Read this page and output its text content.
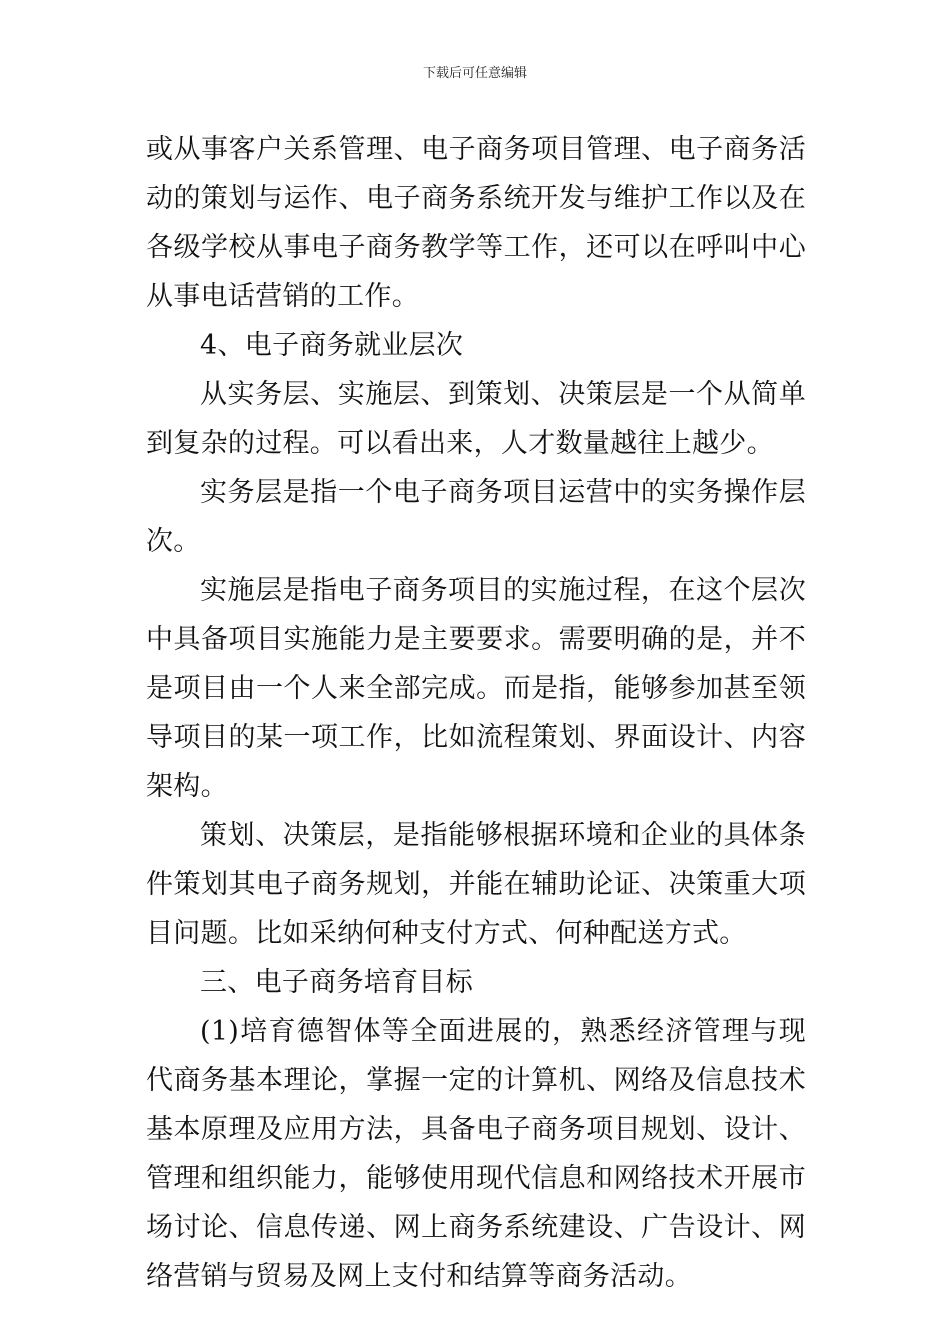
下载后可任意编辑

或从事客户关系管理、电子商务项目管理、电子商务活动的策划与运作、电子商务系统开发与维护工作以及在各级学校从事电子商务教学等工作，还可以在呼叫中心从事电话营销的工作。

4、电子商务就业层次

从实务层、实施层、到策划、决策层是一个从简单到复杂的过程。可以看出来，人才数量越往上越少。

实务层是指一个电子商务项目运营中的实务操作层次。

实施层是指电子商务项目的实施过程，在这个层次中具备项目实施能力是主要要求。需要明确的是，并不是项目由一个人来全部完成。而是指，能够参加甚至领导项目的某一项工作，比如流程策划、界面设计、内容架构。

策划、决策层，是指能够根据环境和企业的具体条件策划其电子商务规划，并能在辅助论证、决策重大项目问题。比如采纳何种支付方式、何种配送方式。

三、电子商务培育目标

(1)培育德智体等全面进展的，熟悉经济管理与现代商务基本理论，掌握一定的计算机、网络及信息技术基本原理及应用方法，具备电子商务项目规划、设计、管理和组织能力，能够使用现代信息和网络技术开展市场讨论、信息传递、网上商务系统建设、广告设计、网络营销与贸易及网上支付和结算等商务活动。
